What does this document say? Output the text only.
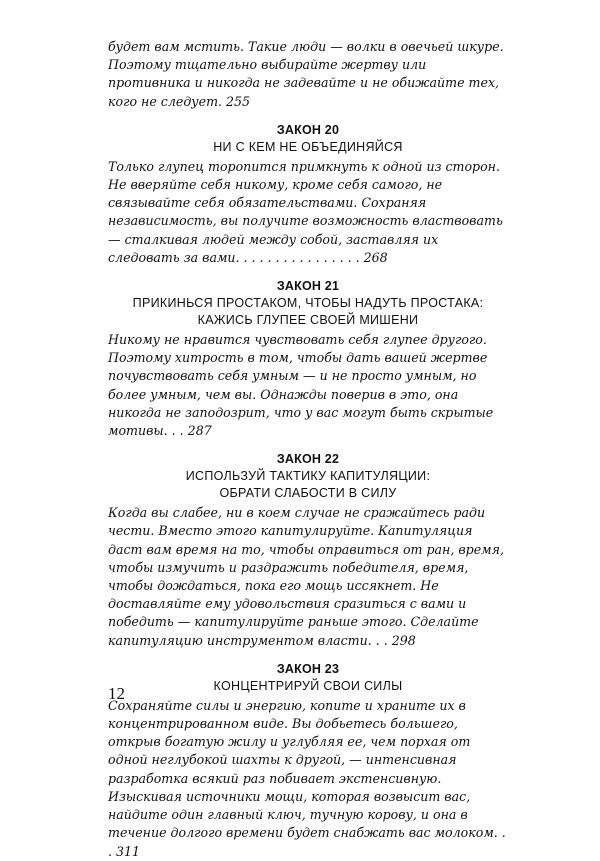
будет вам мстить. Такие люди — волки в овечьей шкуре. Поэтому тщательно выбирайте жертву или противника и никогда не задевайте и не обижайте тех, кого не следует. 255

ЗАКОН 20
НИ С КЕМ НЕ ОБЪЕДИНЯЙСЯ

Только глупец торопится примкнуть к одной из сторон. Не вверяйте себя никому, кроме себя самого, не связывайте себя обязательствами. Сохраняя независимость, вы получите возможность властвовать — сталкивая людей между собой, заставляя их следовать за вами. . . . . . . . . . . . . . . . 268

ЗАКОН 21
ПРИКИНЬСЯ ПРОСТАКОМ, ЧТОБЫ НАДУТЬ ПРОСТАКА:
КАЖИСЬ ГЛУПЕЕ СВОЕЙ МИШЕНИ

Никому не нравится чувствовать себя глупее другого. Поэтому хитрость в том, чтобы дать вашей жертве почувствовать себя умным — и не просто умным, но более умным, чем вы. Однажды поверив в это, она никогда не заподозрит, что у вас могут быть скрытые мотивы. . . 287

ЗАКОН 22
ИСПОЛЬЗУЙ ТАКТИКУ КАПИТУЛЯЦИИ:
ОБРАТИ СЛАБОСТИ В СИЛУ

Когда вы слабее, ни в коем случае не сражайтесь ради чести. Вместо этого капитулируйте. Капитуляция даст вам время на то, чтобы оправиться от ран, время, чтобы измучить и раздражить победителя, время, чтобы дождаться, пока его мощь иссякнет. Не доставляйте ему удовольствия сразиться с вами и победить — капитулируйте раньше этого. Сделайте капитуляцию инструментом власти. . . 298

ЗАКОН 23
КОНЦЕНТРИРУЙ СВОИ СИЛЫ

Сохраняйте силы и энергию, копите и храните их в концентрированном виде. Вы добьетесь большего, открыв богатую жилу и углубляя ее, чем порхая от одной неглубокой шахты к другой, — интенсивная разработка всякий раз побивает экстенсивную. Изыскивая источники мощи, которая возвысит вас, найдите один главный ключ, тучную корову, и она в течение долгого времени будет снабжать вас молоком. . . 311

12
